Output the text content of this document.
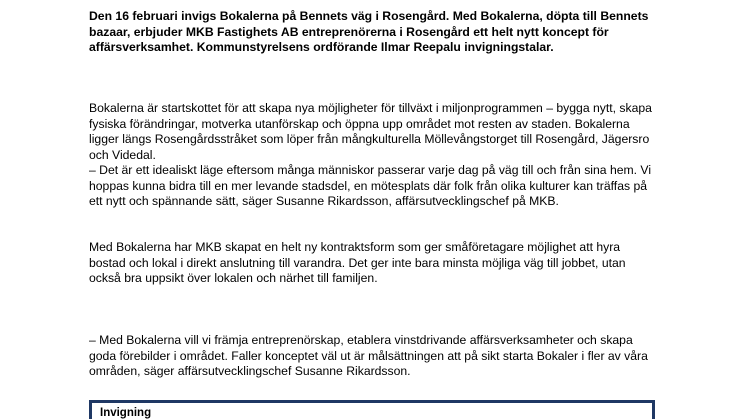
Den 16 februari invigs Bokalerna på Bennets väg i Rosengård. Med Bokalerna, döpta till Bennets bazaar, erbjuder MKB Fastighets AB entreprenörerna i Rosengård ett helt nytt koncept för affärsverksamhet. Kommunstyrelsens ordförande Ilmar Reepalu invigningstalar.

Bokalerna är startskottet för att skapa nya möjligheter för tillväxt i miljonprogrammen – bygga nytt, skapa fysiska förändringar, motverka utanförskap och öppna upp området mot resten av staden. Bokalerna ligger längs Rosengårdsstråket som löper från mångkulturella Möllevångstorget till Rosengård, Jägersro och Videdal.

– Det är ett idealiskt läge eftersom många människor passerar varje dag på väg till och från sina hem. Vi hoppas kunna bidra till en mer levande stadsdel, en mötesplats där folk från olika kulturer kan träffas på ett nytt och spännande sätt, säger Susanne Rikardsson, affärsutvecklingschef på MKB.

Med Bokalerna har MKB skapat en helt ny kontraktsform som ger småföretagare möjlighet att hyra bostad och lokal i direkt anslutning till varandra. Det ger inte bara minsta möjliga väg till jobbet, utan också bra uppsikt över lokalen och närhet till familjen.

– Med Bokalerna vill vi främja entreprenörskap, etablera vinstdrivande affärsverksamheter och skapa goda förebilder i området. Faller konceptet väl ut är målsättningen att på sikt starta Bokaler i fler av våra områden, säger affärsutvecklingschef Susanne Rikardsson.

Invigning
